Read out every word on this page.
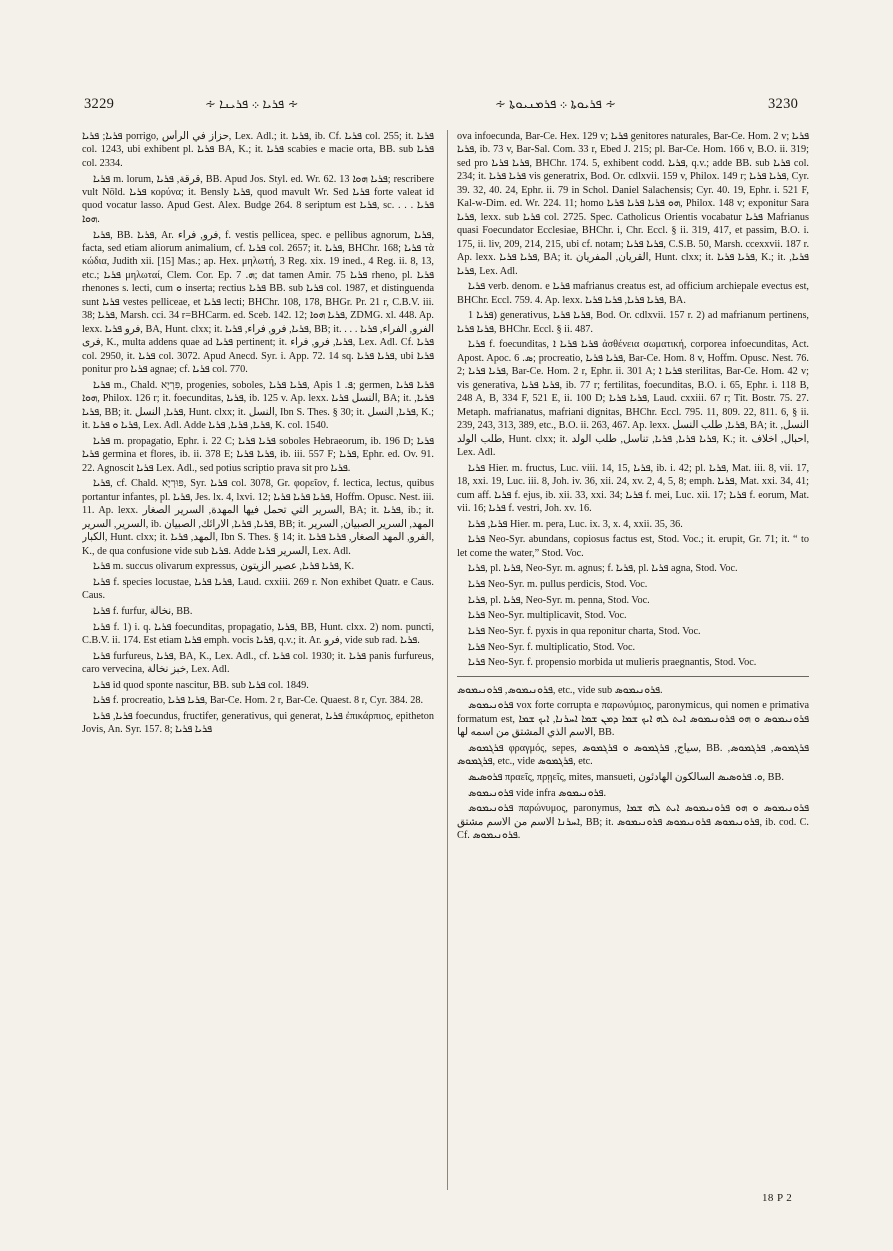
3229	∻ ܦܪܝܐ ܀ ܦܪܝܢܐ ∻	∻ ܦܪܝܘܬܐ ܀ ܦܪܡܢܝܘܬܐ ∻	3230

ܦܪܝܐ; ܦܪܝܐ porrigo, حزاز في الرأس, Lex. Adl.; it. ܦܪܝܐ, ib. Cf. ܦܪܝܐ col. 255; it. ܦܪܝܐ col. 1243, ubi exhibent pl. ܦܪܝܐ BA, K.; it. ܦܪܝܐ scabies e macie orta, BB. sub ܦܪܝܐ col. 2334.

ܦܪܝܐ m. lorum, قرقة, ܦܪܝܐ, BB. Apud Jos. Styl. ed. Wr. 62. 13 ܦܪܝܐ ܗܘܐ; rescribere vult Nöld. ܦܪܝܐ κορύνα; it. Bensly ܦܪܝܐ, quod mavult Wr. Sed ܦܪܝܐ forte valeat id quod vocatur lasso. Apud Gest. Alex. Budge 264. 8 seriptum est ܦܪܝܐ, sc. ܦܪܝܐ . . . ܗܘܐ.

ܦܪܝܐ, BB. ܦܪܝܐ, Ar. فرو, فراء, f. vestis pellicea, spec. e pellibus agnorum, ܦܪܝܐ, facta, sed etiam aliorum animalium, cf. ܦܪܝܐ col. 2657; it. ܦܪܝܐ, BHChr. 168; ܦܪܝܐ τὰ κώδια, Judith xii. [15] Mas.; ap. Hex. μηλωτή, 3 Reg. xix. 19 ined., 4 Reg. ii. 8, 13, etc.; ܦܪܝܐ μηλωταί, Clem. Cor. Ep. ܗ. 7; dat tamen Amir. 75 ܦܪܝܐ rheno, pl. ܦܪܝܐ rhenones s. lecti, cum ܘ inserta; rectius ܦܪܝܐ BB. sub ܦܪܝܐ col. 1987, et distinguenda sunt ܦܪܝܐ vestes pelliceae, et ܦܪܝܐ lecti; BHChr. 108, 178, BHGr. Pr. 21 r, C.B.V. iii. 38; ܦܪܝܐ, Marsh. cci. 34 r=BHCarm. ed. Sceb. 142. 12; ܦܪܝܐ ܗܘܐ, ZDMG. xl. 448. Ap. lexx. فرو ܦܪܝܐ, BA, Hunt. clxx; it. ܦܪܝܐ, فرو, فراء, ܦܪܝܐ, BB; it. الفرو, الفراء, ܦܪܝܐ . . . فرى, K., multa addens quae ad ܦܪܝܐ pertinent; it. ܦܪܝܐ, فرو, فراء, Lex. Adl. Cf. ܦܪܝܐ col. 2950, it. ܦܪܝܐ col. 3072. Apud Anecd. Syr. i. App. 72. 14 sq. ܦܪܝܐ ܦܪܝܐ, ubi ܦܪܝܐ ponitur pro ܦܪܝܐ agnae; cf. ܦܪܝܐ col. 770.

ܦܪܝܐ m., Chald. פִּרְיָא, progenies, soboles, ܦܪܝܐ ܦܪܝܐ, Apis ܦ. 1; germen, ܦܪܝܐ ܦܪܝܐ ܗܘܐ, Philox. 126 r; it. foecunditas, ܦܪܝܐ, ib. 125 v. Ap. lexx. النسل ܦܪܝܐ, BA; it. ܦܪܝܐ, ܦܪܝܐ, BB; it. ܦܪܝܐ, النسل, Hunt. clxx; it. النسل, Ibn S. Thes. § 30; it. ܦܪܝܐ, النسل, K.; it. ܦܪܝܐ ܘ ܦܪܝܐ, Lex. Adl. Adde ܦܪܝܐ, ܦܪܝܐ, ܦܪܝܐ, K. col. 1540.

ܦܪܝܐ m. propagatio, Ephr. i. 22 C; ܦܪܝܐ ܦܪܝܐ soboles Hebraeorum, ib. 196 D; ܦܪܝܐ ܦܪܝܐ germina et flores, ib. ii. 378 E; ܦܪܝܐ ܦܪܝܐ, ib. iii. 557 F; ܦܪܝܐ, Ephr. ed. Ov. 91. 22. Agnoscit ܦܪܝܐ Lex. Adl., sed potius scriptio prava sit pro ܦܪܝܐ.

ܦܪܝܐ, cf. Chald. פּוּרְיָא, Syr. ܦܪܝܐ col. 3078, Gr. φορεῖον, f. lectica, lectus, quibus portantur infantes, pl. ܦܪܝܐ, Jes. lx. 4, lxvi. 12; ܦܪܝܐ ܦܪܝܐ ܦܪܝܐ, Hoffm. Opusc. Nest. iii. 11. Ap. lexx. السرير التي تحمل فيها المهدة, السرير الصغار, BA; it. ܦܪܝܐ, ib.; it. السرير, السرير, ib. ܦܪܝܐ, ܦܪܝܐ, الارائك, الصبيان, BB; it. المهد, السرير الصبيان, السرير الكبار, Hunt. clxx; it. المهد, ܦܪܝܐ, Ibn S. Thes. § 14; it. الفرو, المهد الصغار, ܦܪܝܐ ܦܪܝܐ, K., de qua confusione vide sub ܦܪܝܐ. Adde السرير ܦܪܝܐ, Lex. Adl.

ܦܪܝܐ m. succus olivarum expressus, ܦܪܝܐ ܦܪܝܐ, عصير الزيتون, K.

ܦܪܝܐ f. species locustae, ܦܪܝܐ ܦܪܝܐ, Laud. cxxiii. 269 r. Non exhibet Quatr. e Caus. Caus.

ܦܪܝܐ f. furfur, نخالة, BB.

ܦܪܝܐ f. 1) i. q. ܦܪܝܐ foecunditas, propagatio, ܦܪܝܐ, BB, Hunt. clxx. 2) nom. puncti, C.B.V. ii. 174. Est etiam ܦܪܝܐ emph. vocis ܦܪܝܐ, q.v.; it. Ar. فرو, vide sub rad. ܦܪܝܐ.

ܦܪܝܐ furfureus, ܦܪܝܐ, BA, K., Lex. Adl., cf. ܦܪܝܐ col. 1930; it. ܦܪܝܐ panis furfureus, caro vervecina, خبز نخالة, Lex. Adl.

ܦܪܝܐ id quod sponte nascitur, BB. sub ܦܪܝܐ col. 1849.

ܦܪܝܐ f. procreatio, ܦܪܝܐ ܦܪܝܐ, Bar-Ce. Hom. 2 r, Bar-Ce. Quaest. 8 r, Cyr. 384. 28.

ܦܪܝܐ, ܦܪܝܐ foecundus, fructifer, generativus, qui generat, ܦܪܝܐ ἐπικάρπιος, epitheton Jovis, An. Syr. 157. 8; ܦܪܝܐ ܦܪܝܐ

ova infoecunda, Bar-Ce. Hex. 129 v; ܦܪܝܐ genitores naturales, Bar-Ce. Hom. 2 v; ܦܪܝܐ ܦܪܝܐ, ib. 73 v, Bar-Sal. Com. 33 r, Ebed J. 215; pl. Bar-Ce. Hom. 166 v, B.O. ii. 319; sed pro ܦܪܝܐ ܦܪܝܐ, BHChr. 174. 5, exhibent codd. ܦܪܝܐ, q.v.; adde BB. sub ܦܪܝܐ col. 234; it. ܦܪܝܐ ܦܪܝܐ vis generatrix, Bod. Or. cdlxvii. 159 v, Philox. 149 r; ܦܪܝܐ ܦܪܝܐ, Cyr. 39. 32, 40. 24, Ephr. ii. 79 in Schol. Daniel Salachensis; Cyr. 40. 19, Ephr. i. 521 F, Kal-w-Dim. ed. Wr. 224. 11; homo ܗܘ ܦܪܝܐ ܦܪܝܐ ܦܪܝܐ, Philox. 148 v; exponitur Sara ܦܪܝܐ, lexx. sub ܦܪܝܐ col. 2725. Spec. Catholicus Orientis vocabatur ܦܪܝܐ Mafrianus quasi Foecundator Ecclesiae, BHChr. i, Chr. Eccl. § ii. 319, 417, et passim, B.O. i. 175, ii. liv, 209, 214, 215, ubi cf. notam; ܦܪܝܐ ܦܪܝܐ, C.S.B. 50, Marsh. ccexxvii. 187 r. Ap. lexx. ܦܪܝܐ ܦܪܝܐ, BA; it. القريان, المفريان, Hunt. clxx; it. ܦܪܝܐ ܦܪܝܐ, K.; it. ܦܪܝܐ, ܦܪܝܐ, Lex. Adl.

ܦܪܝܐ verb. denom. e ܦܪܝܐ mafrianus creatus est, ad officium archiepale evectus est, BHChr. Eccl. 759. 4. Ap. lexx. ܦܪܝܐ ܦܪܝܐ, ܦܪܝܐ ܦܪܝܐ, BA.

ܦܪܝܐ 1) generativus, ܦܪܝܐ ܦܪܝܐ, Bod. Or. cdlxvii. 157 r. 2) ad mafrianum pertinens, ܦܪܝܐ ܦܪܝܐ, BHChr. Eccl. § ii. 487.

ܦܪܝܐ f. foecunditas, ܦܪܝܐ ܦܪܝܐ ܐ ἀσθένεια σωματική, corporea infoecunditas, Act. Apost. Apoc. ܣ. 6; procreatio, ܦܪܝܐ ܦܪܝܐ, Bar-Ce. Hom. 8 v, Hoffm. Opusc. Nest. 76. 2; ܦܪܝܐ ܦܪܝܐ, Bar-Ce. Hom. 2 r, Ephr. ii. 301 A; ܦܪܝܐ ܐ sterilitas, Bar-Ce. Hom. 42 v; vis generativa, ܦܪܝܐ ܦܪܝܐ, ib. 77 r; fertilitas, foecunditas, B.O. i. 65, Ephr. i. 118 B, 248 A, B, 334 F, 521 E, ii. 100 D; ܦܪܝܐ ܦܪܝܐ, Laud. cxxiii. 67 r; Tit. Bostr. 75. 27. Metaph. mafrianatus, mafriani dignitas, BHChr. Eccl. 795. 11, 809. 22, 811. 6, § ii. 239, 243, 313, 389, etc., B.O. ii. 263, 467. Ap. lexx. ܦܪܝܐ, طلب النسل, BA; it. النسل, طلب الولد, Hunt. clxx; it. ܦܪܝܐ ܦܪܝܐ, ܦܪܝܐ, تناسل, طلب الولد, K.; it. احبال, اخلاف, Lex. Adl.

ܦܪܝܐ Hier. m. fructus, Luc. viii. 14, 15, ܦܪܝܐ, ib. i. 42; pl. ܦܪܝܐ, Mat. iii. 8, vii. 17, 18, xxi. 19, Luc. iii. 8, Joh. iv. 36, xii. 24, xv. 2, 4, 5, 8; emph. ܦܪܝܐ, Mat. xxi. 34, 41; cum aff. ܦܪܝܐ f. ejus, ib. xii. 33, xxi. 34; ܦܪܝܐ f. mei, Luc. xii. 17; ܦܪܝܐ f. eorum, Mat. vii. 16; ܦܪܝܐ f. vestri, Joh. xv. 16.

ܦܪܝܐ, ܦܪܝܐ Hier. m. pera, Luc. ix. 3, x. 4, xxii. 35, 36.

ܦܪܝܐ Neo-Syr. abundans, copiosus factus est, Stod. Voc.; it. erupit, Gr. 71; it. “ to let come the water,” Stod. Voc.

ܦܪܝܐ, pl. ܦܪܝܐ, Neo-Syr. m. agnus; f. ܦܪܝܐ, pl. ܦܪܝܐ agna, Stod. Voc.

ܦܪܝܐ Neo-Syr. m. pullus perdicis, Stod. Voc.

ܦܪܝܐ, pl. ܦܪܝܐ, Neo-Syr. m. penna, Stod. Voc.

ܦܪܝܐ Neo-Syr. multiplicavit, Stod. Voc.

ܦܪܝܐ Neo-Syr. f. pyxis in qua reponitur charta, Stod. Voc.

ܦܪܝܐ Neo-Syr. f. multiplicatio, Stod. Voc.

ܦܪܝܐ Neo-Syr. f. propensio morbida ut mulieris praegnantis, Stod. Voc.

ܦܪܘܢܝܡܘܣ, ܦܪܘܢܝܡܘܣ, etc., vide sub ܦܪܘܢܝܡܘܣ.

ܦܪܘܢܝܡܘܣ vox forte corrupta e παρωνύμιος, paronymicus, qui nomen e primativa formatum est, ܦܪܘܢܝܡܘܣ ܘ ܗܘ ܦܪܘܢܝܡܘܣ ܐܝܬ ܠܗ ܐܝܟ ܫܡܐ ܕܡܢ ܫܡܐ ܐܚܪܢܐ, ܐܝܟ ܫܡܐ الاسم الذي المشتق من اسمه لها, BB.

ܦܪܓܡܘܣ φραγμός, sepes, سياج, ܦܪܓܡܘܣ ܘ ܦܪܓܡܘܣ, BB. ܦܪܓܡܘܣ, ܦܪܓܡܘܣ, ܦܪܓܡܘܣ, etc., vide ܦܪܓܡܘܣ, etc.

ܦܪܘܣܝܣ πραεῖς, πρῃεῖς, mites, mansueti, ܘ. ܦܪܘܣܝܣ السالكون الهادئون, BB.

ܦܪܘܢܝܡܘܣ vide infra ܦܪܘܢܝܡܘܣ.

ܦܪܘܢܝܡܘܣ παρώνυμος, paronymus, ܦܪܘܢܝܡܘܣ ܘ ܗܘ ܦܪܘܢܝܡܘܣ ܐܝܬ ܠܗ ܫܡܐ ܐܚܪܢܐ الاسم من الاسم مشتق, BB; it. ܦܪܘܢܝܡܘܣ ܦܪܘܢܝܡܘܣ ܦܪܘܢܝܡܘܣ, ib. cod. C. Cf. ܦܪܘܢܝܡܘܣ.

18 P 2
